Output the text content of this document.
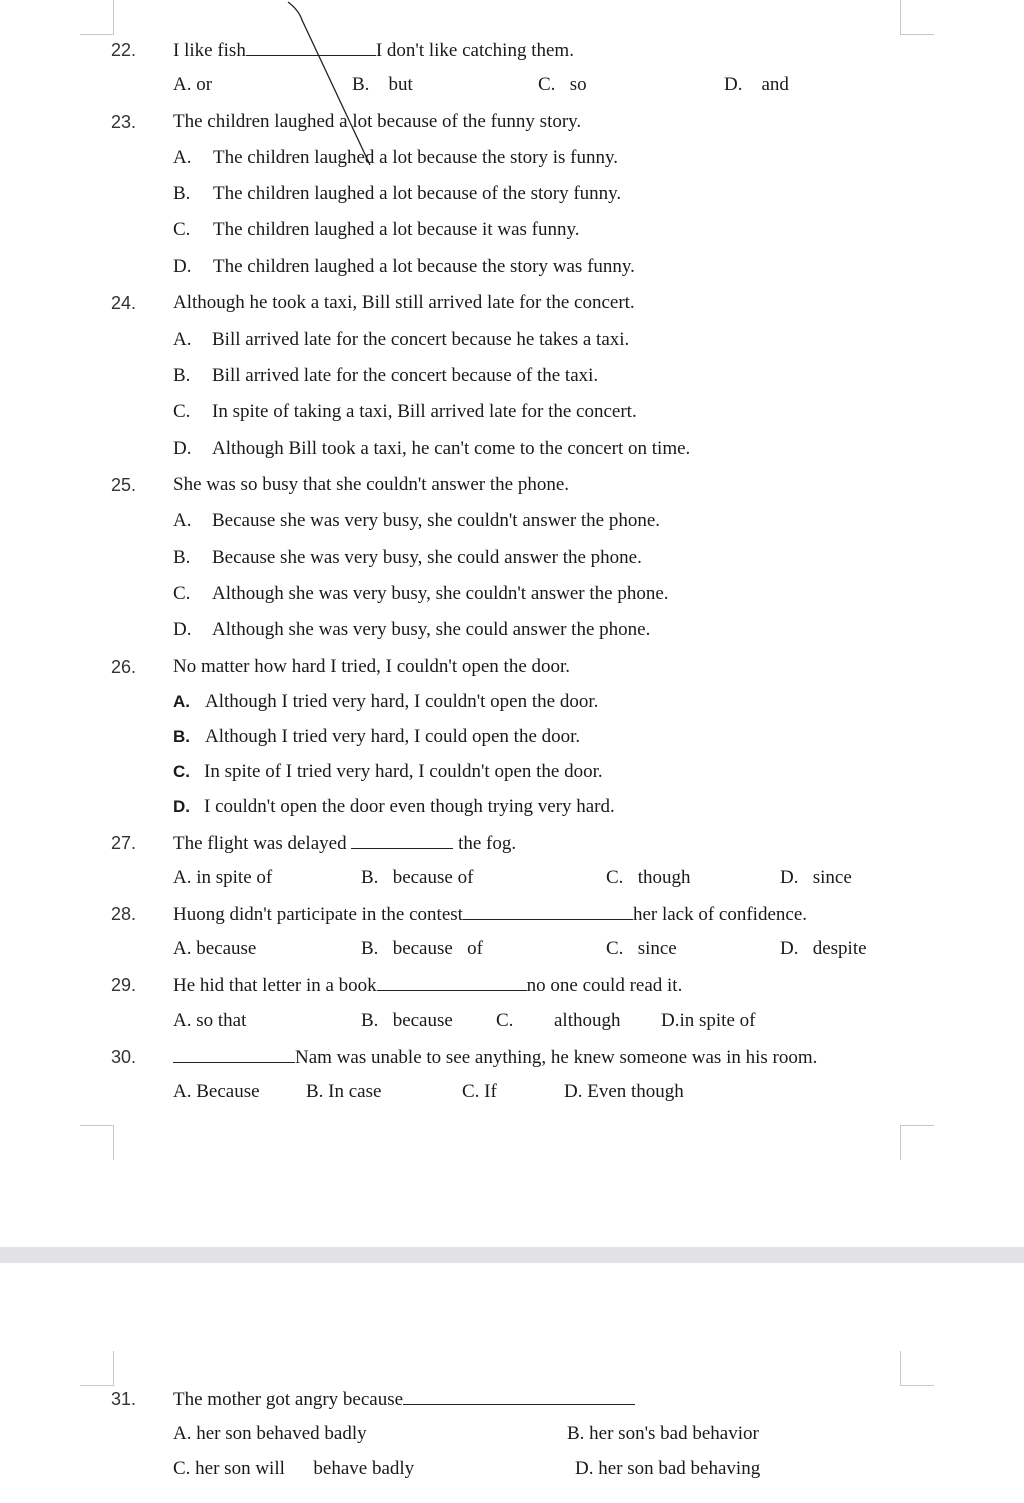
22. I like fish	I don't like catching them.
A. or	B. but	C. so	D. and
23. The children laughed a lot because of the funny story.
A. The children laughed a lot because the story is funny.
B. The children laughed a lot because of the story funny.
C. The children laughed a lot because it was funny.
D. The children laughed a lot because the story was funny.
24. Although he took a taxi, Bill still arrived late for the concert.
A. Bill arrived late for the concert because he takes a taxi.
B. Bill arrived late for the concert because of the taxi.
C. In spite of taking a taxi, Bill arrived late for the concert.
D. Although Bill took a taxi, he can't come to the concert on time.
25. She was so busy that she couldn't answer the phone.
A. Because she was very busy, she couldn't answer the phone.
B. Because she was very busy, she could answer the phone.
C. Although she was very busy, she couldn't answer the phone.
D. Although she was very busy, she could answer the phone.
26. No matter how hard I tried, I couldn't open the door.
A. Although I tried very hard, I couldn't open the door.
B. Although I tried very hard, I could open the door.
C. In spite of I tried very hard, I couldn't open the door.
D. I couldn't open the door even though trying very hard.
27. The flight was delayed	the fog.
A. in spite of	B. because of	C. though	D. since
28. Huong didn't participate in the contest	her lack of confidence.
A. because	B. because of	C. since	D. despite
29. He hid that letter in a book	no one could read it.
A. so that	B. because C. although D.in spite of
30.	Nam was unable to see anything, he knew someone was in his room.
A. Because B. In case	C. If	D. Even though
31. The mother got angry because
A. her son behaved badly	B. her son's bad behavior
C. her son will behave badly	D. her son bad behaving
